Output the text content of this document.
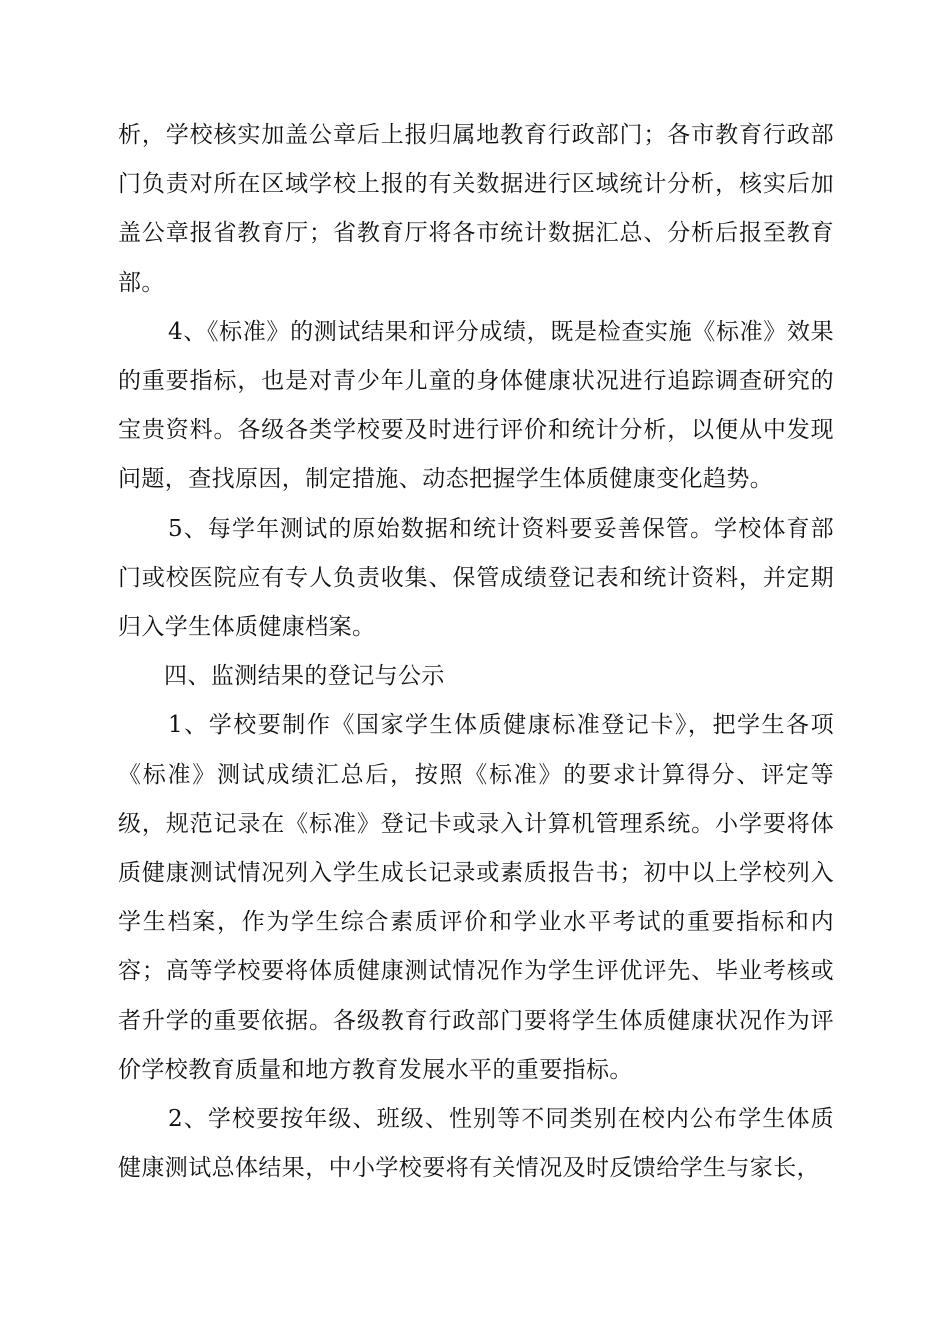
析，学校核实加盖公章后上报归属地教育行政部门；各市教育行政部门负责对所在区域学校上报的有关数据进行区域统计分析，核实后加盖公章报省教育厅；省教育厅将各市统计数据汇总、分析后报至教育部。

4、《标准》的测试结果和评分成绩，既是检查实施《标准》效果的重要指标，也是对青少年儿童的身体健康状况进行追踪调查研究的宝贵资料。各级各类学校要及时进行评价和统计分析，以便从中发现问题，查找原因，制定措施、动态把握学生体质健康变化趋势。

5、每学年测试的原始数据和统计资料要妥善保管。学校体育部门或校医院应有专人负责收集、保管成绩登记表和统计资料，并定期归入学生体质健康档案。

四、监测结果的登记与公示

1、学校要制作《国家学生体质健康标准登记卡》，把学生各项《标准》测试成绩汇总后，按照《标准》的要求计算得分、评定等级，规范记录在《标准》登记卡或录入计算机管理系统。小学要将体质健康测试情况列入学生成长记录或素质报告书；初中以上学校列入学生档案，作为学生综合素质评价和学业水平考试的重要指标和内容；高等学校要将体质健康测试情况作为学生评优评先、毕业考核或者升学的重要依据。各级教育行政部门要将学生体质健康状况作为评价学校教育质量和地方教育发展水平的重要指标。

2、学校要按年级、班级、性别等不同类别在校内公布学生体质健康测试总体结果，中小学校要将有关情况及时反馈给学生与家长，
